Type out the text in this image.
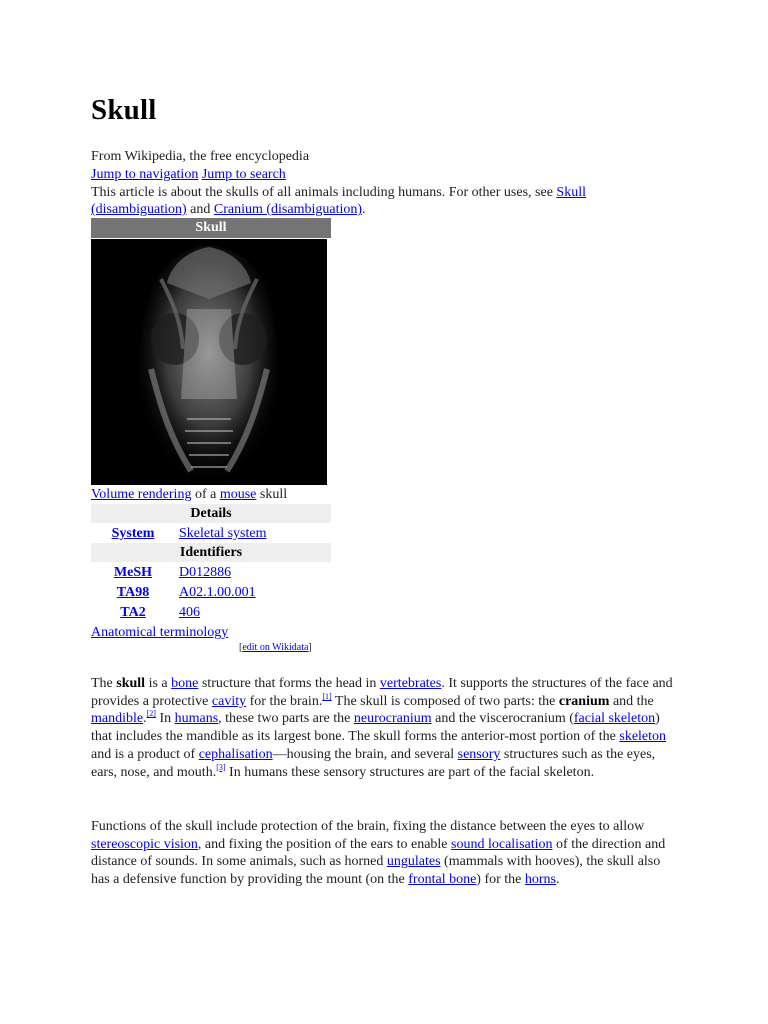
Skull
From Wikipedia, the free encyclopedia
Jump to navigation Jump to search
This article is about the skulls of all animals including humans. For other uses, see Skull
(disambiguation) and Cranium (disambiguation).
Skull
Volume rendering of a mouse skull
Details
System	Skeletal system
Identifiers
MeSH	D012886
TA98	A02.1.00.001
TA2	406
Anatomical terminology
[edit on Wikidata]
The skull is a bone structure that forms the head in vertebrates. It supports the structures of the face and provides a protective cavity for the brain.[1] The skull is composed of two parts: the cranium and the mandible.[2] In humans, these two parts are the neurocranium and the viscerocranium (facial skeleton) that includes the mandible as its largest bone. The skull forms the anterior-most portion of the skeleton and is a product of cephalisation—housing the brain, and several sensory structures such as the eyes, ears, nose, and mouth.[3] In humans these sensory structures are part of the facial skeleton.
Functions of the skull include protection of the brain, fixing the distance between the eyes to allow stereoscopic vision, and fixing the position of the ears to enable sound localisation of the direction and distance of sounds. In some animals, such as horned ungulates (mammals with hooves), the skull also has a defensive function by providing the mount (on the frontal bone) for the horns.
